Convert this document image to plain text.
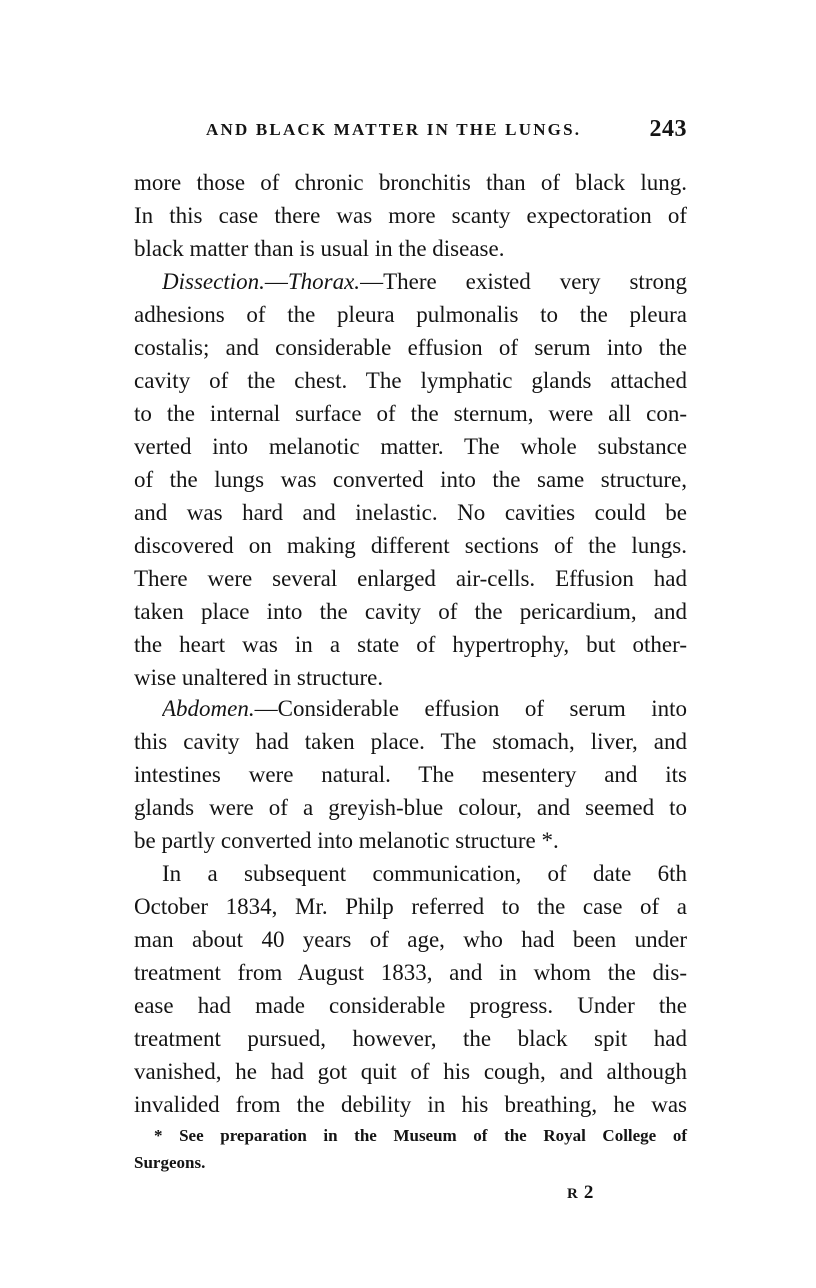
AND BLACK MATTER IN THE LUNGS.	243
more those of chronic bronchitis than of black lung.
In this case there was more scanty expectoration of
black matter than is usual in the disease.
Dissection.—Thorax.—There existed very strong
adhesions of the pleura pulmonalis to the pleura
costalis; and considerable effusion of serum into the
cavity of the chest. The lymphatic glands attached
to the internal surface of the sternum, were all con-
verted into melanotic matter. The whole substance
of the lungs was converted into the same structure,
and was hard and inelastic. No cavities could be
discovered on making different sections of the lungs.
There were several enlarged air-cells. Effusion had
taken place into the cavity of the pericardium, and
the heart was in a state of hypertrophy, but other-
wise unaltered in structure.
Abdomen.—Considerable effusion of serum into
this cavity had taken place. The stomach, liver, and
intestines were natural. The mesentery and its
glands were of a greyish-blue colour, and seemed to
be partly converted into melanotic structure *.
In a subsequent communication, of date 6th
October 1834, Mr. Philp referred to the case of a
man about 40 years of age, who had been under
treatment from August 1833, and in whom the dis-
ease had made considerable progress. Under the
treatment pursued, however, the black spit had
vanished, he had got quit of his cough, and although
invalided from the debility in his breathing, he was
* See preparation in the Museum of the Royal College of
Surgeons.
R2
